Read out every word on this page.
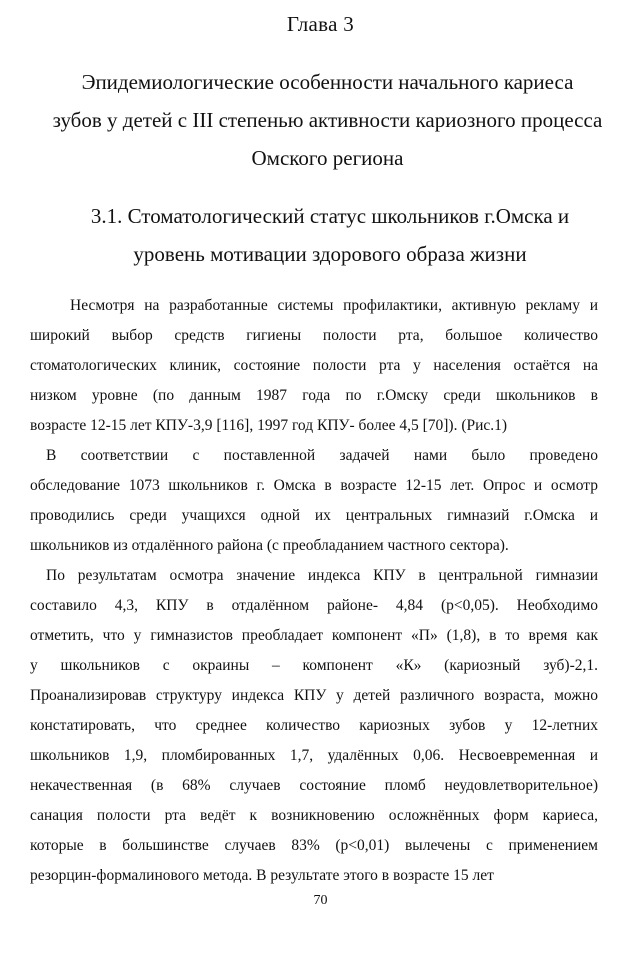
Глава 3
Эпидемиологические особенности начального кариеса
зубов у детей с III степенью активности кариозного процесса
Омского региона
3.1. Стоматологический статус школьников г.Омска и
уровень мотивации здорового образа жизни
Несмотря на разработанные системы профилактики, активную рекламу и
широкий выбор средств гигиены полости рта, большое количество
стоматологических клиник, состояние полости рта у населения остаётся на
низком уровне (по данным 1987 года по г.Омску среди школьников в
возрасте 12-15 лет КПУ-3,9 [116], 1997 год КПУ- более 4,5 [70]). (Рис.1)
В соответствии с поставленной задачей нами было проведено
обследование 1073 школьников г. Омска в возрасте 12-15 лет. Опрос и осмотр
проводились среди учащихся одной их центральных гимназий г.Омска и
школьников из отдалённого района (с преобладанием частного сектора).
По результатам осмотра значение индекса КПУ в центральной гимназии
составило 4,3, КПУ в отдалённом районе- 4,84 (p<0,05). Необходимо
отметить, что у гимназистов преобладает компонент «П» (1,8), в то время как
у школьников с окраины – компонент «К» (кариозный зуб)-2,1.
Проанализировав структуру индекса КПУ у детей различного возраста, можно
констатировать, что среднее количество кариозных зубов у 12-летних
школьников 1,9, пломбированных 1,7, удалённых 0,06. Несвоевременная и
некачественная (в 68% случаев состояние пломб неудовлетворительное)
санация полости рта ведёт к возникновению осложнённых форм кариеса,
которые в большинстве случаев 83% (p<0,01) вылечены с применением
резорцин-формалинового метода. В результате этого в возрасте 15 лет
70
